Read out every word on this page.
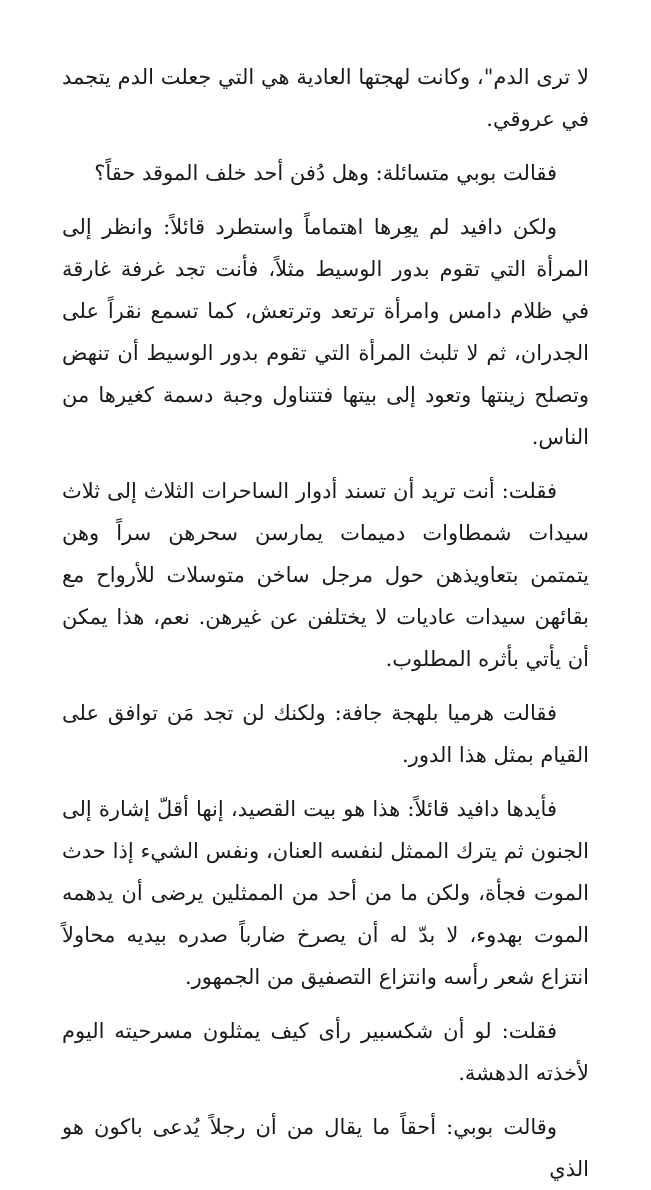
لا ترى الدم"، وكانت لهجتها العادية هي التي جعلت الدم يتجمد في عروقي.

فقالت بوبي متسائلة: وهل دُفن أحد خلف الموقد حقاً؟

ولكن دافيد لم يعِرها اهتماماً واستطرد قائلاً: وانظر إلى المرأة التي تقوم بدور الوسيط مثلاً، فأنت تجد غرفة غارقة في ظلام دامس وامرأة ترتعد وترتعش، كما تسمع نقراً على الجدران، ثم لا تلبث المرأة التي تقوم بدور الوسيط أن تنهض وتصلح زينتها وتعود إلى بيتها فتتناول وجبة دسمة كغيرها من الناس.

فقلت: أنت تريد أن تسند أدوار الساحرات الثلاث إلى ثلاث سيدات شمطاوات دميمات يمارسن سحرهن سراً وهن يتمتمن بتعاويذهن حول مرجل ساخن متوسلات للأرواح مع بقائهن سيدات عاديات لا يختلفن عن غيرهن. نعم، هذا يمكن أن يأتي بأثره المطلوب.

فقالت هرميا بلهجة جافة: ولكنك لن تجد مَن توافق على القيام بمثل هذا الدور.

فأيدها دافيد قائلاً: هذا هو بيت القصيد، إنها أقلّ إشارة إلى الجنون ثم يترك الممثل لنفسه العنان، ونفس الشيء إذا حدث الموت فجأة، ولكن ما من أحد من الممثلين يرضى أن يدهمه الموت بهدوء، لا بدّ له أن يصرخ ضارباً صدره بيديه محاولاً انتزاع شعر رأسه وانتزاع التصفيق من الجمهور.

فقلت: لو أن شكسبير رأى كيف يمثلون مسرحيته اليوم لأخذته الدهشة.

وقالت بوبي: أحقاً ما يقال من أن رجلاً يُدعى باكون هو الذي
